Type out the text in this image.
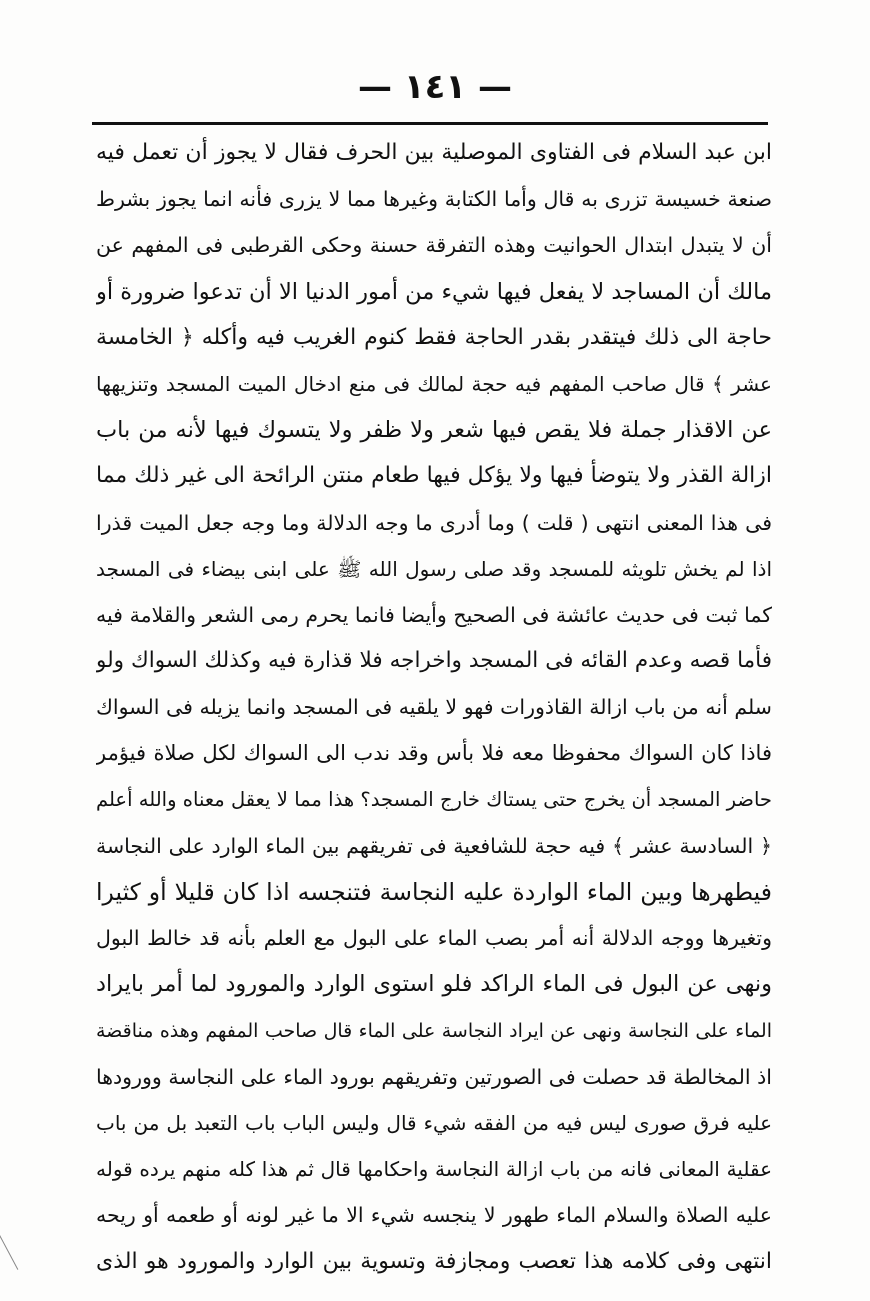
— ١٤١ —
ابن عبد السلام فى الفتاوى الموصلية بين الحرف فقال لا يجوز أن تعمل فيه
صنعة خسيسة تزرى به قال وأما الكتابة وغيرها مما لا يزرى فأنه انما يجوز بشرط
أن لا يتبدل ابتدال الحوانيت وهذه التفرقة حسنة وحكى القرطبى فى المفهم عن
مالك أن المساجد لا يفعل فيها شيء من أمور الدنيا الا أن تدعوا ضرورة أو
حاجة الى ذلك فيتقدر بقدر الحاجة فقط كنوم الغريب فيه وأكله ﴿ الخامسة
عشر ﴾ قال صاحب المفهم فيه حجة لمالك فى منع ادخال الميت المسجد وتنزيهها
عن الاقذار جملة فلا يقص فيها شعر ولا ظفر ولا يتسوك فيها لأنه من باب
ازالة القذر ولا يتوضأ فيها ولا يؤكل فيها طعام منتن الرائحة الى غير ذلك مما
فى هذا المعنى انتهى ( قلت ) وما أدرى ما وجه الدلالة وما وجه جعل الميت قذرا
اذا لم يخش تلويثه للمسجد وقد صلى رسول الله ﷺ على ابنى بيضاء فى المسجد
كما ثبت فى حديث عائشة فى الصحيح وأيضا فانما يحرم رمى الشعر والقلامة فيه
فأما قصه وعدم القائه فى المسجد واخراجه فلا قذارة فيه وكذلك السواك ولو
سلم أنه من باب ازالة القاذورات فهو لا يلقيه فى المسجد وانما يزيله فى السواك
فاذا كان السواك محفوظا معه فلا بأس وقد ندب الى السواك لكل صلاة فيؤمر
حاضر المسجد أن يخرج حتى يستاك خارج المسجد؟ هذا مما لا يعقل معناه والله أعلم
﴿ السادسة عشر ﴾ فيه حجة للشافعية فى تفريقهم بين الماء الوارد على النجاسة
فيطهرها وبين الماء الواردة عليه النجاسة فتنجسه اذا كان قليلا أو كثيرا
وتغيرها ووجه الدلالة أنه أمر بصب الماء على البول مع العلم بأنه قد خالط البول
ونهى عن البول فى الماء الراكد فلو استوى الوارد والمورود لما أمر بايراد
الماء على النجاسة ونهى عن ايراد النجاسة على الماء قال صاحب المفهم وهذه مناقضة
اذ المخالطة قد حصلت فى الصورتين وتفريقهم بورود الماء على النجاسة وورودها
عليه فرق صورى ليس فيه من الفقه شيء قال وليس الباب باب التعبد بل من باب
عقلية المعانى فانه من باب ازالة النجاسة واحكامها قال ثم هذا كله منهم يرده قوله
عليه الصلاة والسلام الماء طهور لا ينجسه شيء الا ما غير لونه أو طعمه أو ريحه
انتهى وفى كلامه هذا تعصب ومجازفة وتسوية بين الوارد والمورود هو الذى
